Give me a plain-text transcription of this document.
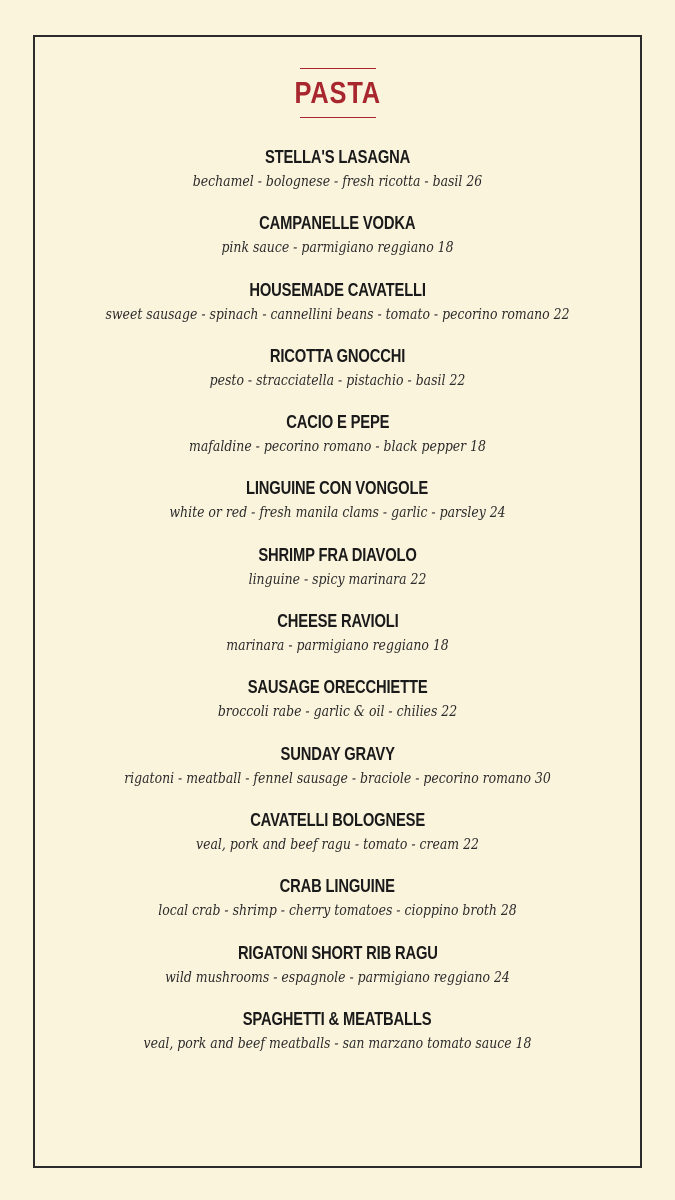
PASTA
STELLA'S LASAGNA
bechamel - bolognese - fresh ricotta - basil 26
CAMPANELLE VODKA
pink sauce - parmigiano reggiano 18
HOUSEMADE CAVATELLI
sweet sausage - spinach - cannellini beans - tomato - pecorino romano 22
RICOTTA GNOCCHI
pesto - stracciatella - pistachio - basil 22
CACIO E PEPE
mafaldine - pecorino romano - black pepper 18
LINGUINE CON VONGOLE
white or red - fresh manila clams - garlic - parsley 24
SHRIMP FRA DIAVOLO
linguine - spicy marinara 22
CHEESE RAVIOLI
marinara - parmigiano reggiano 18
SAUSAGE ORECCHIETTE
broccoli rabe - garlic & oil - chilies 22
SUNDAY GRAVY
rigatoni - meatball - fennel sausage - braciole - pecorino romano 30
CAVATELLI BOLOGNESE
veal, pork and beef ragu - tomato - cream 22
CRAB LINGUINE
local crab - shrimp - cherry tomatoes - cioppino broth 28
RIGATONI SHORT RIB RAGU
wild mushrooms - espagnole - parmigiano reggiano 24
SPAGHETTI & MEATBALLS
veal, pork and beef meatballs - san marzano tomato sauce 18
